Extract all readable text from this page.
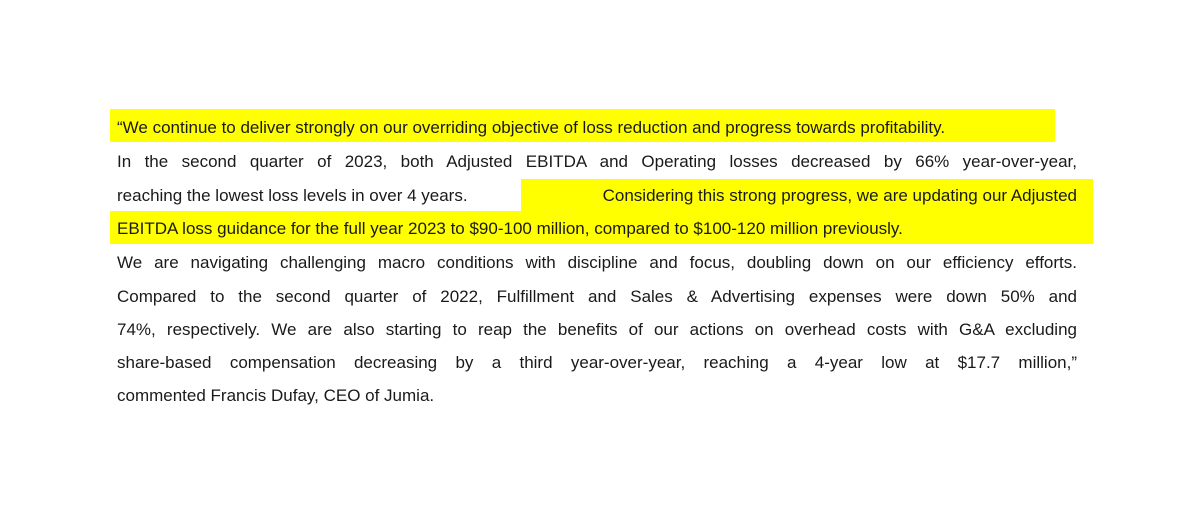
“We continue to deliver strongly on our overriding objective of loss reduction and progress towards profitability.
In the second quarter of 2023, both Adjusted EBITDA and Operating losses decreased by 66% year-over-year,
reaching the lowest loss levels in over 4 years.	Considering this strong progress, we are updating our Adjusted
EBITDA loss guidance for the full year 2023 to $90-100 million, compared to $100-120 million previously.
We are navigating challenging macro conditions with discipline and focus, doubling down on our efficiency efforts.
Compared to the second quarter of 2022, Fulfillment and Sales & Advertising expenses were down 50% and
74%, respectively. We are also starting to reap the benefits of our actions on overhead costs with G&A excluding
share-based compensation decreasing by a third year-over-year, reaching a 4-year low at $17.7 million,”
commented Francis Dufay, CEO of Jumia.
